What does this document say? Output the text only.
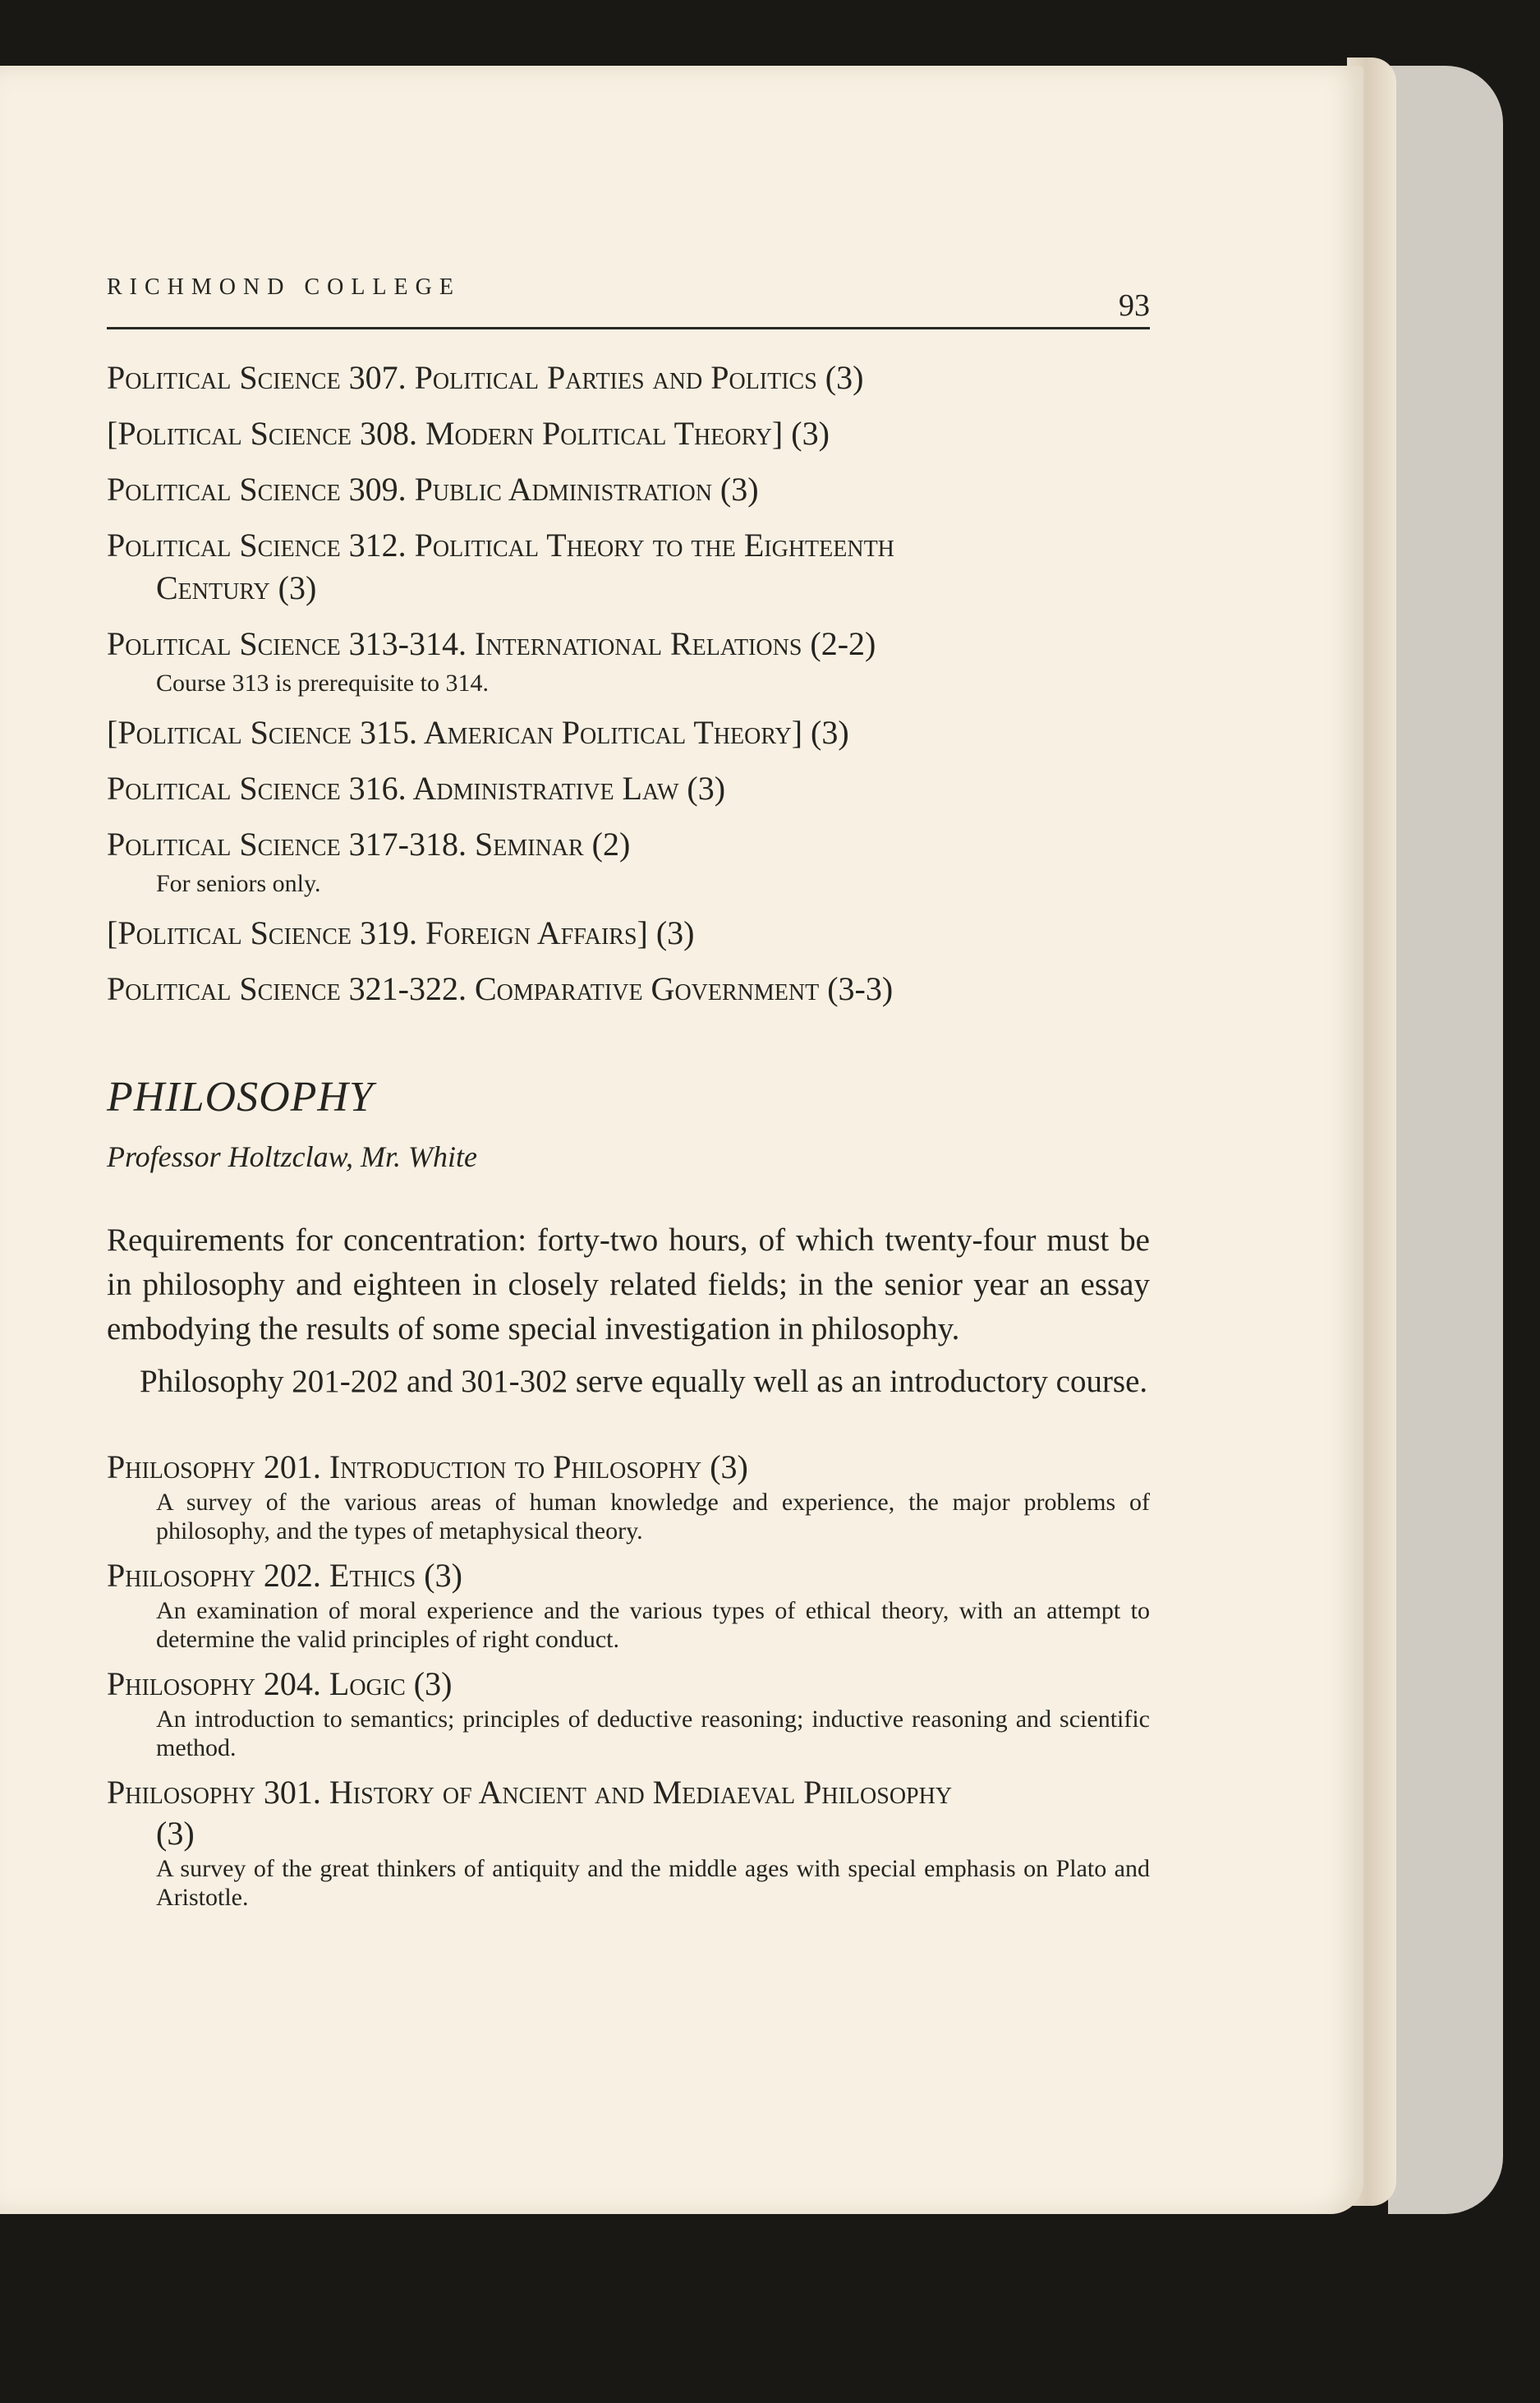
RICHMOND COLLEGE
93
Political Science 307. Political Parties and Politics (3)
[Political Science 308. Modern Political Theory] (3)
Political Science 309. Public Administration (3)
Political Science 312. Political Theory to the Eighteenth
Century (3)
Political Science 313-314. International Relations (2-2)
Course 313 is prerequisite to 314.
[Political Science 315. American Political Theory] (3)
Political Science 316. Administrative Law (3)
Political Science 317-318. Seminar (2)
For seniors only.
[Political Science 319. Foreign Affairs] (3)
Political Science 321-322. Comparative Government (3-3)
PHILOSOPHY
Professor Holtzclaw, Mr. White
Requirements for concentration: forty-two hours, of which twenty-four must be in philosophy and eighteen in closely related fields; in the senior year an essay embodying the results of some special investigation in philosophy.
Philosophy 201-202 and 301-302 serve equally well as an introductory course.
Philosophy 201. Introduction to Philosophy (3)
A survey of the various areas of human knowledge and experience, the major problems of philosophy, and the types of metaphysical theory.
Philosophy 202. Ethics (3)
An examination of moral experience and the various types of ethical theory, with an attempt to determine the valid principles of right conduct.
Philosophy 204. Logic (3)
An introduction to semantics; principles of deductive reasoning; inductive reasoning and scientific method.
Philosophy 301. History of Ancient and Mediaeval Philosophy
(3)
A survey of the great thinkers of antiquity and the middle ages with special emphasis on Plato and Aristotle.
